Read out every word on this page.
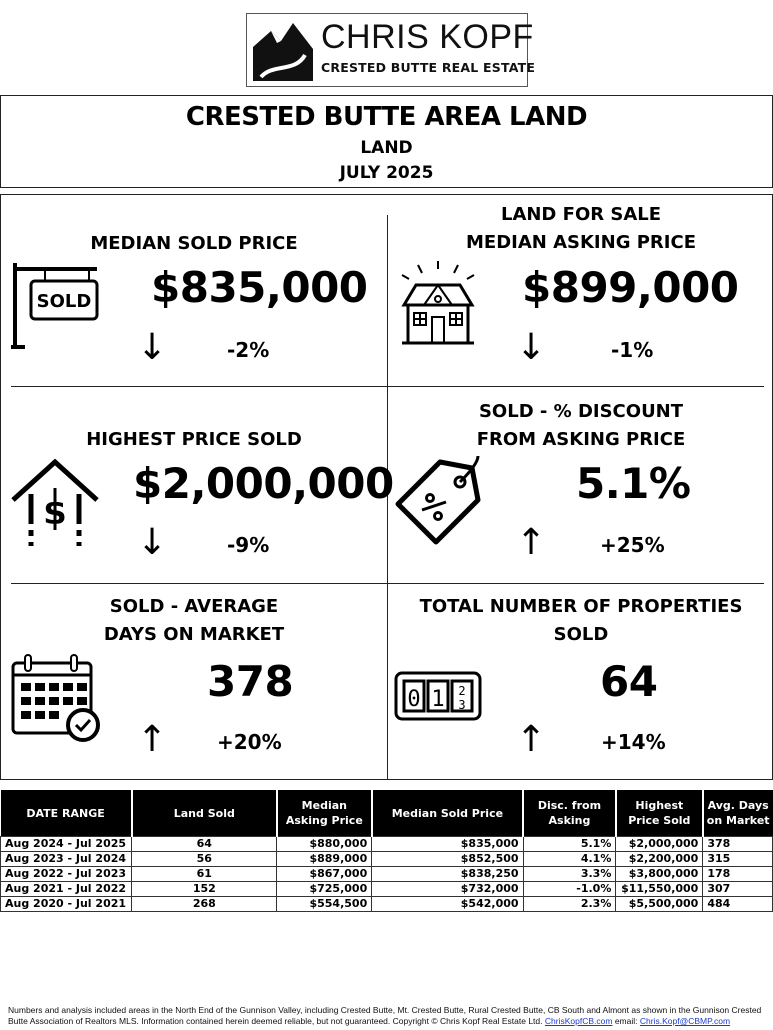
CHRIS KOPF
CRESTED BUTTE REAL ESTATE
CRESTED BUTTE AREA LAND
LAND
JULY 2025
MEDIAN SOLD PRICE
SOLD $835,000
↓	-2%
LAND FOR SALE
MEDIAN ASKING PRICE
$899,000
↓	-1%
HIGHEST PRICE SOLD
$
$2,000,000
↓	-9%
SOLD - % DISCOUNT
FROM ASKING PRICE
5.1%
↑	+25%
SOLD - AVERAGE
DAYS ON MARKET
378
↑ +20%
TOTAL NUMBER OF PROPERTIES
SOLD
0 1 2
3	64
↑	+14%
DATE RANGE	Land Sold	Median Asking Price	Median Sold Price	Disc. from Asking	Highest Price Sold	Avg. Days on Market
Aug 2024 - Jul 2025	64	$880,000	$835,000	5.1%	$2,000,000	378
Aug 2023 - Jul 2024	56	$889,000	$852,500	4.1%	$2,200,000	315
Aug 2022 - Jul 2023	61	$867,000	$838,250	3.3%	$3,800,000	178
Aug 2021 - Jul 2022	152	$725,000	$732,000	-1.0%	$11,550,000	307
Aug 2020 - Jul 2021	268	$554,500	$542,000	2.3%	$5,500,000	484
Numbers and analysis included areas in the North End of the Gunnison Valley, including Crested Butte, Mt. Crested Butte, Rural Crested Butte, CB South and Almont as shown in the Gunnison Crested
Butte Association of Realtors MLS. Information contained herein deemed reliable, but not guaranteed. Copyright © Chris Kopf Real Estate Ltd. ChrisKopfCB.com email: Chris.Kopf@CBMP.com
